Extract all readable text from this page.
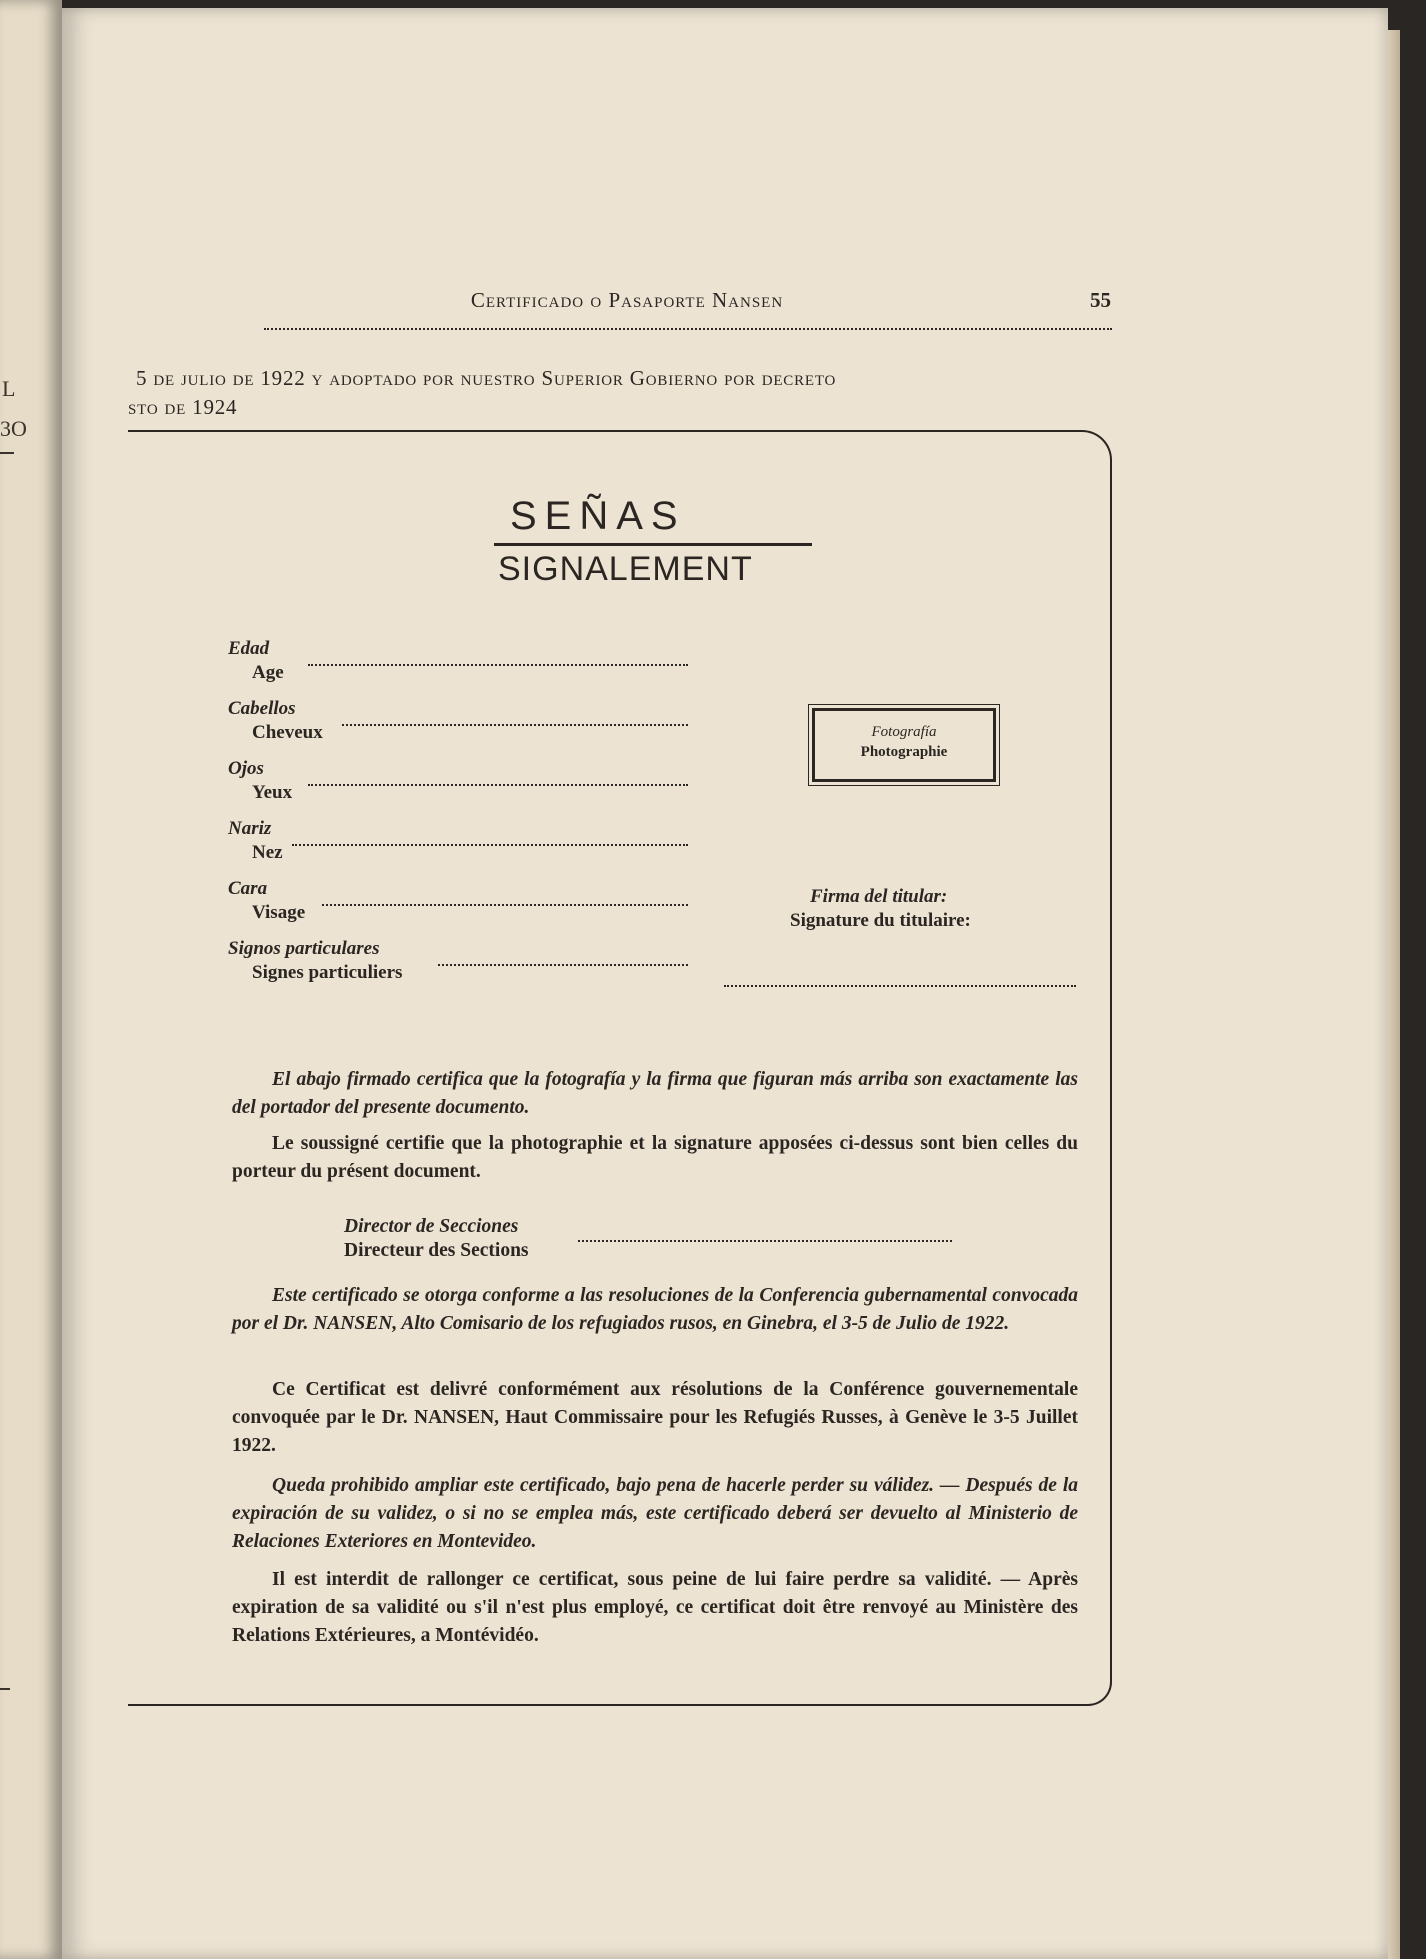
L
3O
Certificado o Pasaporte Nansen	55
5 de julio de 1922 y adoptado por nuestro Superior Gobierno por decreto
sto de 1924
SEÑAS
SIGNALEMENT
Edad
Age
Cabellos
Cheveux
Ojos
Yeux
Nariz
Nez
Cara
Visage
Signos particulares
Signes particuliers
Fotografía
Photographie
Firma del titular:
Signature du titulaire:

El abajo firmado certifica que la fotografía y la firma que figuran más arriba son exactamente las del portador del presente documento.

Le soussigné certifie que la photographie et la signature apposées ci-dessus sont bien celles du porteur du présent document.

Director de Secciones
Directeur des Sections

Este certificado se otorga conforme a las resoluciones de la Conferencia gubernamental convocada por el Dr. NANSEN, Alto Comisario de los refugiados rusos, en Ginebra, el 3-5 de Julio de 1922.

Ce Certificat est delivré conformément aux résolutions de la Conférence gouvernementale convoquée par le Dr. NANSEN, Haut Commissaire pour les Refugiés Russes, à Genève le 3-5 Juillet 1922.

Queda prohibido ampliar este certificado, bajo pena de hacerle perder su válidez. — Después de la expiración de su validez, o si no se emplea más, este certificado deberá ser devuelto al Ministerio de Relaciones Exteriores en Montevideo.

Il est interdit de rallonger ce certificat, sous peine de lui faire perdre sa validité. — Après expiration de sa validité ou s'il n'est plus employé, ce certificat doit être renvoyé au Ministère des Relations Extérieures, a Montévidéo.
